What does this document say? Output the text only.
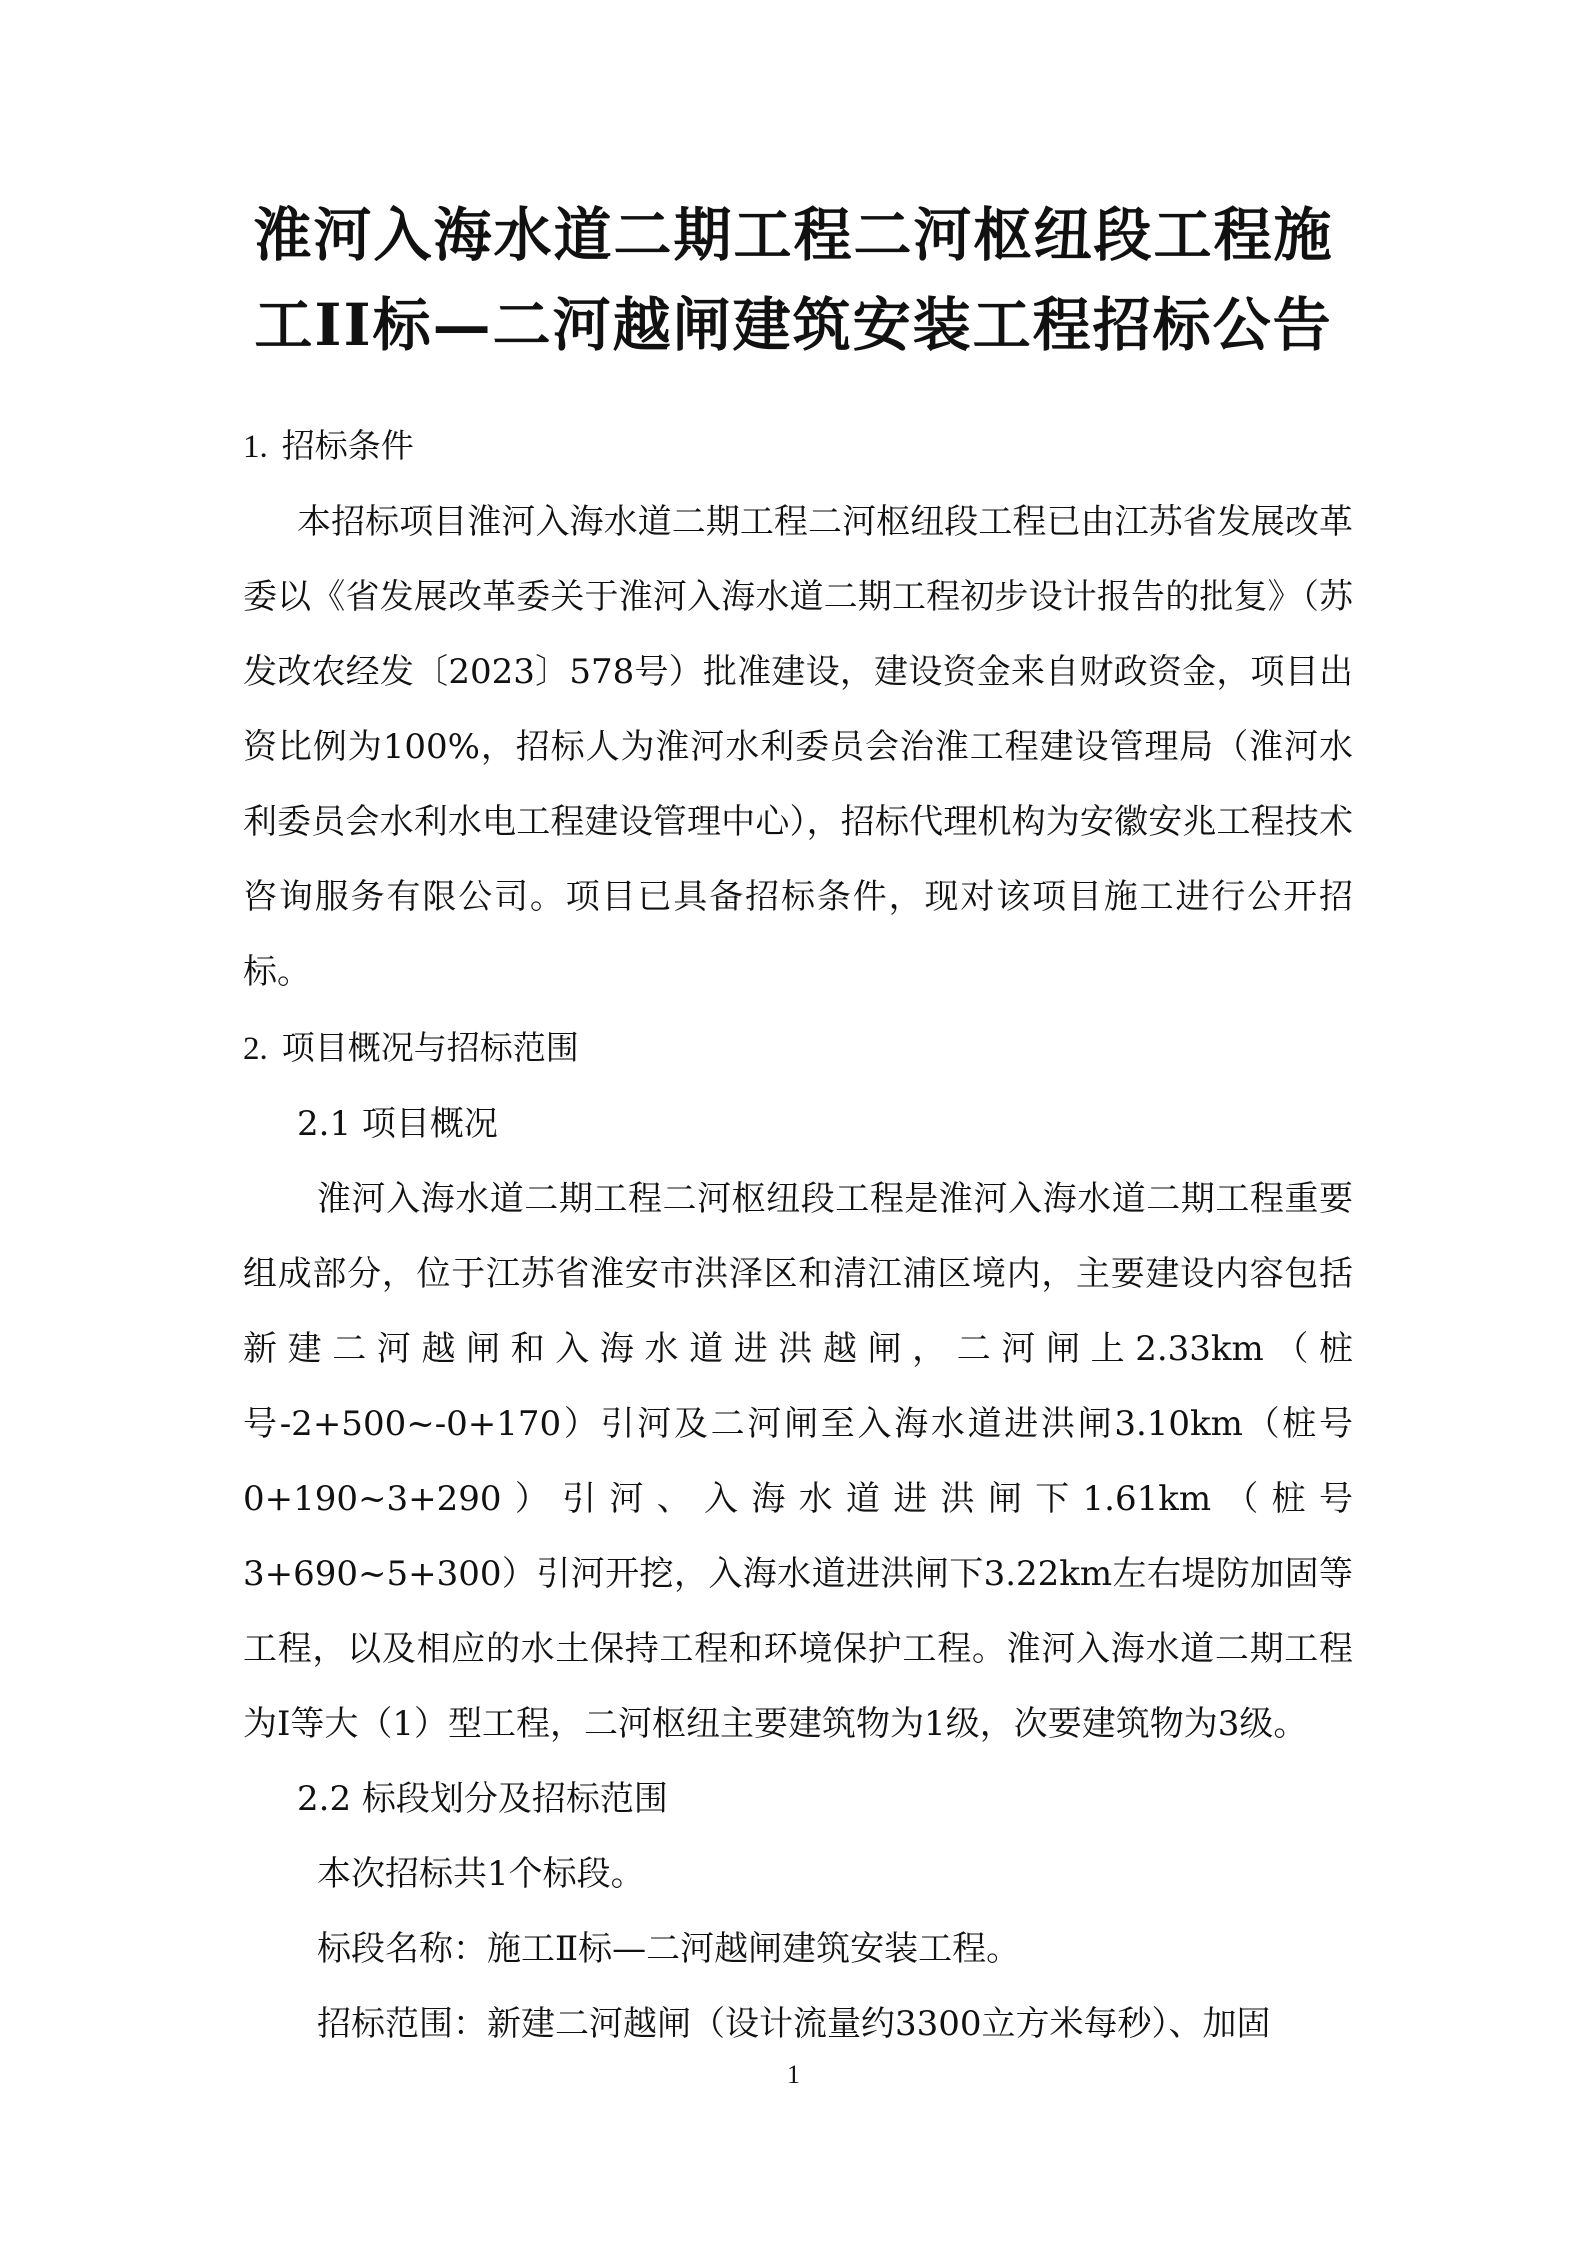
淮河入海水道二期工程二河枢纽段工程施
工II标—二河越闸建筑安装工程招标公告

1. 招标条件

本招标项目淮河入海水道二期工程二河枢纽段工程已由江苏省发展改革委以《省发展改革委关于淮河入海水道二期工程初步设计报告的批复》（苏发改农经发〔2023〕578号）批准建设，建设资金来自财政资金，项目出资比例为100%，招标人为淮河水利委员会治淮工程建设管理局（淮河水利委员会水利水电工程建设管理中心），招标代理机构为安徽安兆工程技术咨询服务有限公司。项目已具备招标条件，现对该项目施工进行公开招标。

2. 项目概况与招标范围

2.1 项目概况

淮河入海水道二期工程二河枢纽段工程是淮河入海水道二期工程重要组成部分，位于江苏省淮安市洪泽区和清江浦区境内，主要建设内容包括新建二河越闸和入海水道进洪越闸，二河闸上2.33km（桩号-2+500~-0+170）引河及二河闸至入海水道进洪闸3.10km（桩号0+190~3+290）引河、入海水道进洪闸下1.61km（桩号3+690~5+300）引河开挖，入海水道进洪闸下3.22km左右堤防加固等工程，以及相应的水土保持工程和环境保护工程。淮河入海水道二期工程为I等大（1）型工程，二河枢纽主要建筑物为1级，次要建筑物为3级。

2.2 标段划分及招标范围

本次招标共1个标段。

标段名称：施工Ⅱ标—二河越闸建筑安装工程。

招标范围：新建二河越闸（设计流量约3300立方米每秒）、加固

1
